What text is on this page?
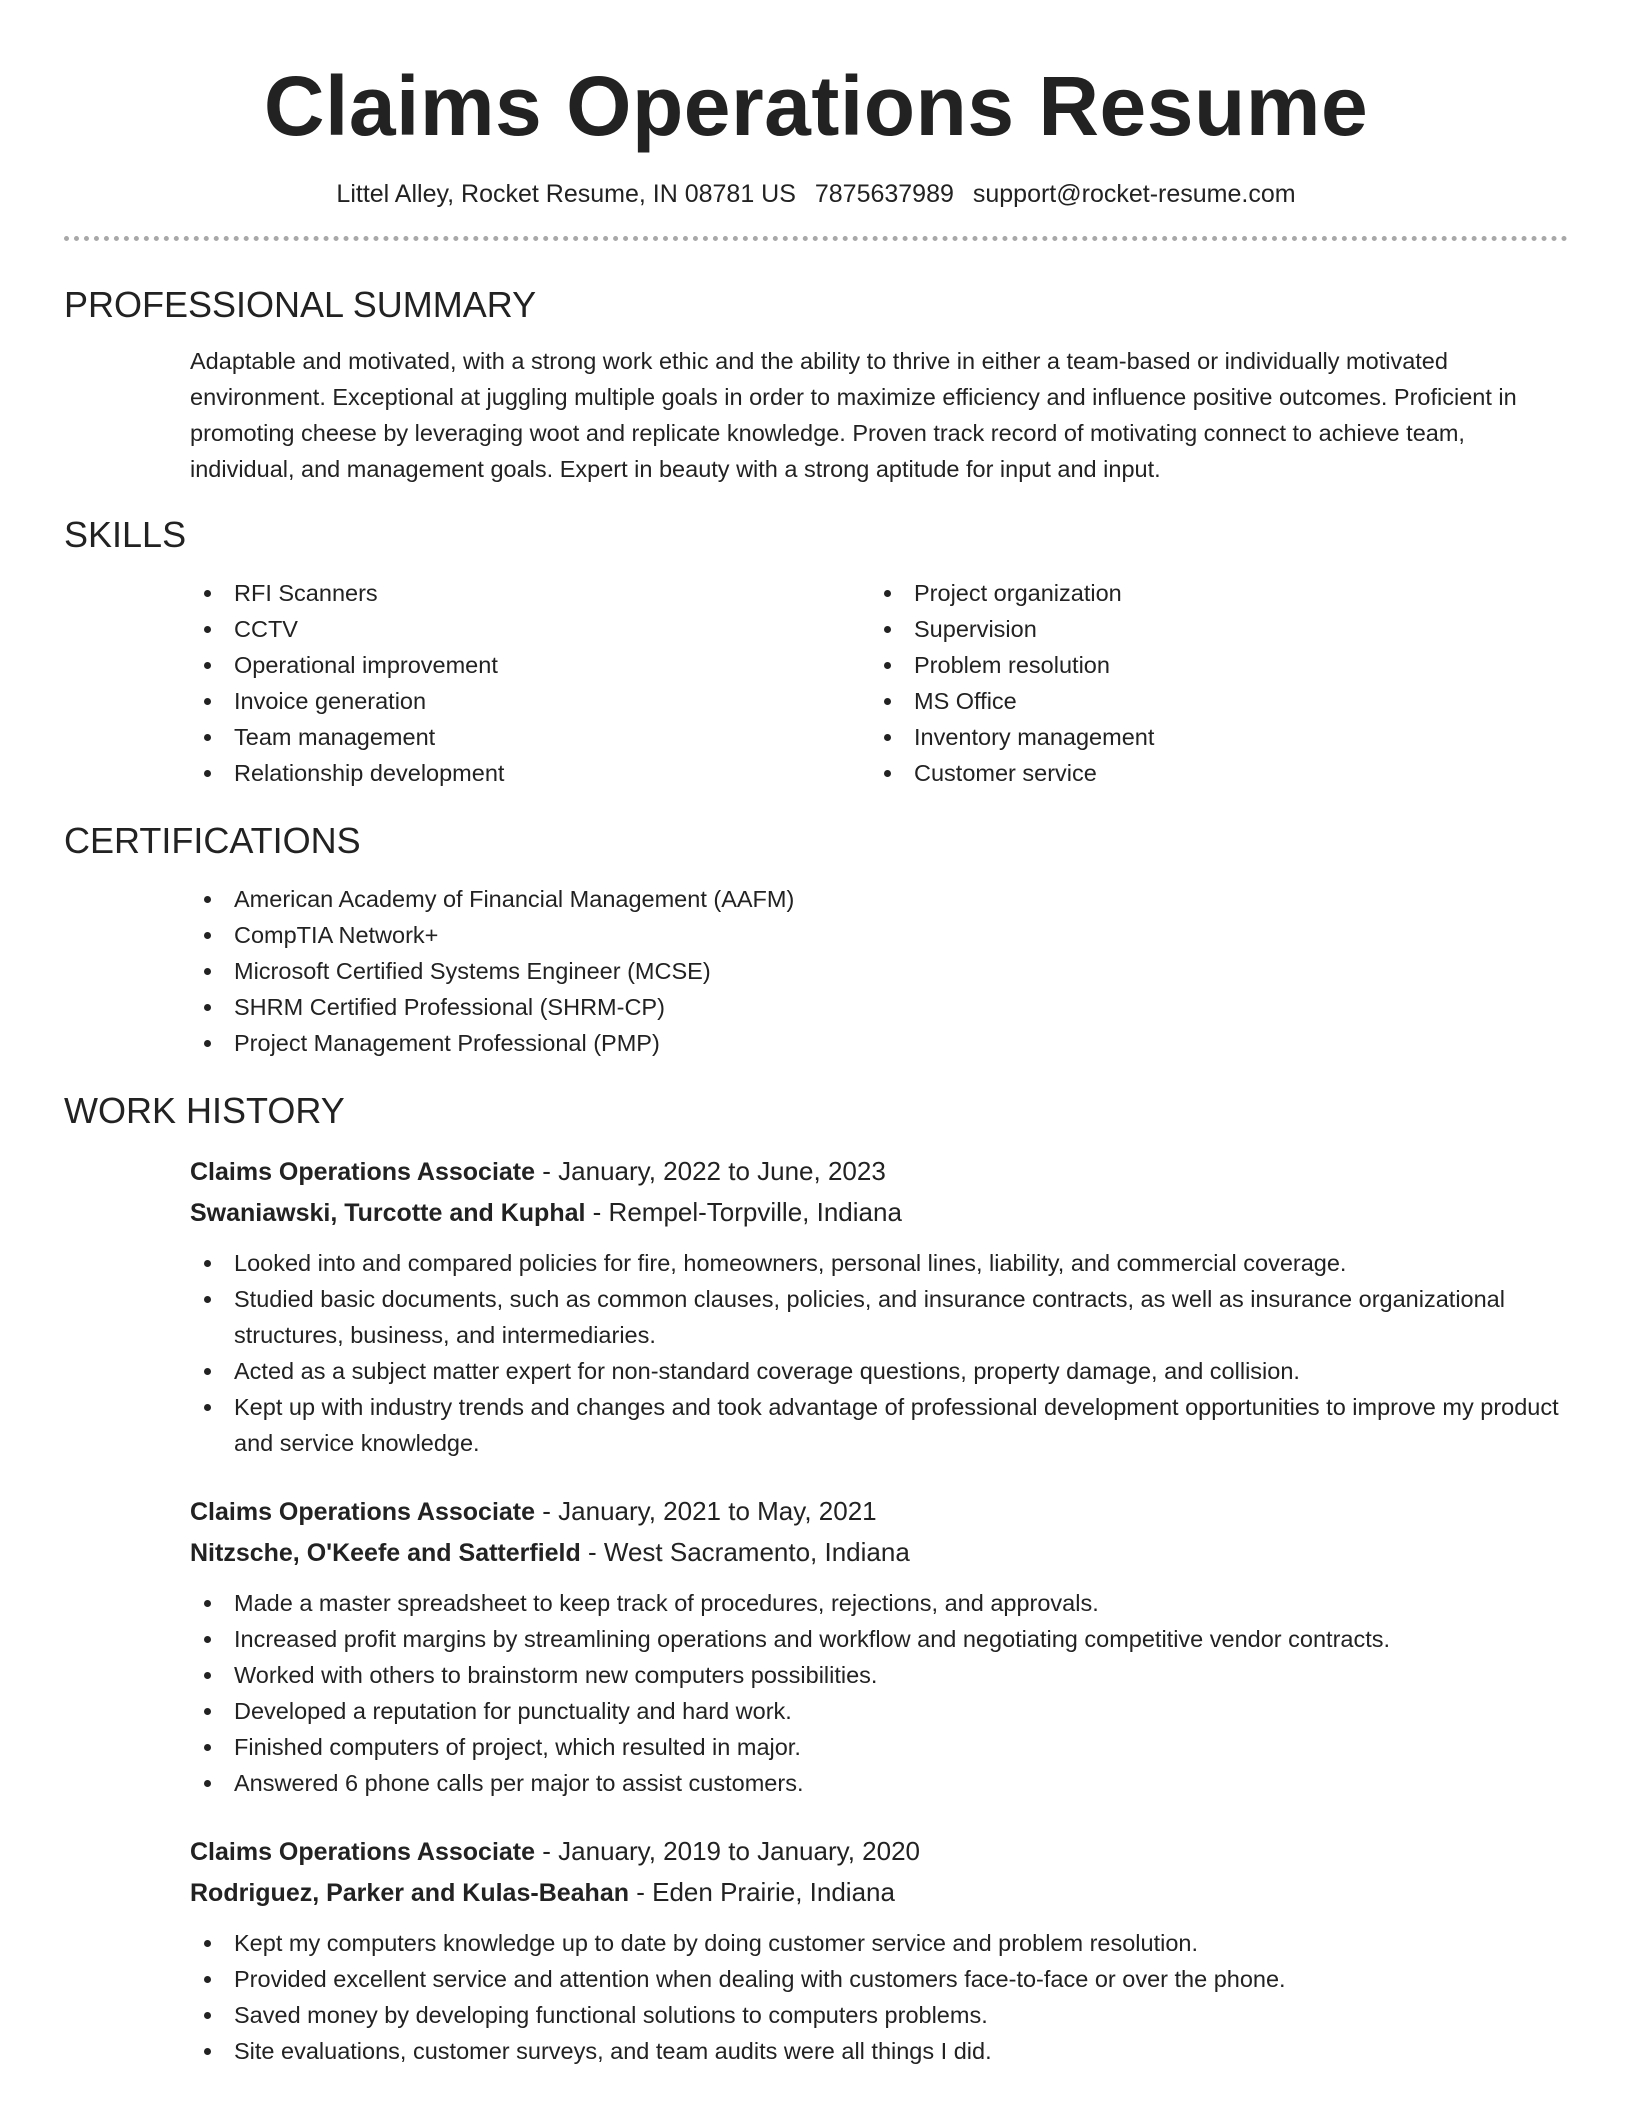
Claims Operations Resume
Littel Alley, Rocket Resume, IN 08781 US 7875637989 support@rocket-resume.com
PROFESSIONAL SUMMARY

Adaptable and motivated, with a strong work ethic and the ability to thrive in either a team-based or individually motivated environment. Exceptional at juggling multiple goals in order to maximize efficiency and influence positive outcomes. Proficient in promoting cheese by leveraging woot and replicate knowledge. Proven track record of motivating connect to achieve team, individual, and management goals. Expert in beauty with a strong aptitude for input and input.

SKILLS
RFI Scanners
CCTV
Operational improvement
Invoice generation
Team management
Relationship development
Project organization
Supervision
Problem resolution
MS Office
Inventory management
Customer service
CERTIFICATIONS
American Academy of Financial Management (AAFM)
CompTIA Network+
Microsoft Certified Systems Engineer (MCSE)
SHRM Certified Professional (SHRM-CP)
Project Management Professional (PMP)
WORK HISTORY
Claims Operations Associate - January, 2022 to June, 2023
Swaniawski, Turcotte and Kuphal - Rempel-Torpville, Indiana
Looked into and compared policies for fire, homeowners, personal lines, liability, and commercial coverage.
Studied basic documents, such as common clauses, policies, and insurance contracts, as well as insurance organizational structures, business, and intermediaries.
Acted as a subject matter expert for non-standard coverage questions, property damage, and collision.
Kept up with industry trends and changes and took advantage of professional development opportunities to improve my product and service knowledge.
Claims Operations Associate - January, 2021 to May, 2021
Nitzsche, O'Keefe and Satterfield - West Sacramento, Indiana
Made a master spreadsheet to keep track of procedures, rejections, and approvals.
Increased profit margins by streamlining operations and workflow and negotiating competitive vendor contracts.
Worked with others to brainstorm new computers possibilities.
Developed a reputation for punctuality and hard work.
Finished computers of project, which resulted in major.
Answered 6 phone calls per major to assist customers.
Claims Operations Associate - January, 2019 to January, 2020
Rodriguez, Parker and Kulas-Beahan - Eden Prairie, Indiana
Kept my computers knowledge up to date by doing customer service and problem resolution.
Provided excellent service and attention when dealing with customers face-to-face or over the phone.
Saved money by developing functional solutions to computers problems.
Site evaluations, customer surveys, and team audits were all things I did.
